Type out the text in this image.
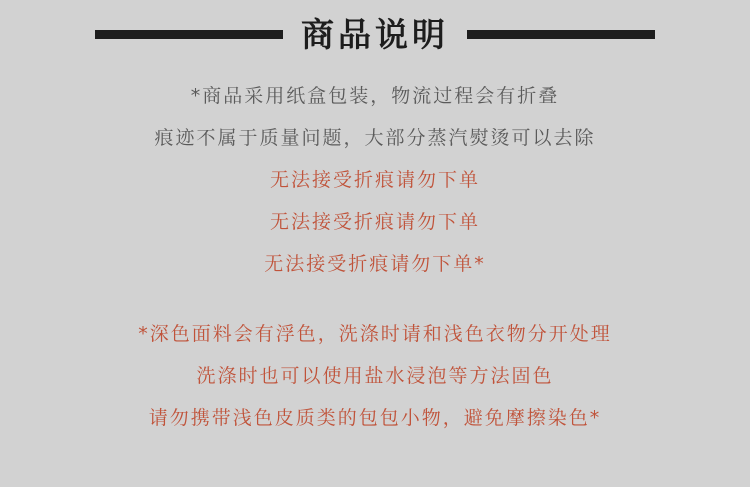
商品说明
*商品采用纸盒包装，物流过程会有折叠
痕迹不属于质量问题，大部分蒸汽熨烫可以去除
无法接受折痕请勿下单
无法接受折痕请勿下单
无法接受折痕请勿下单*
*深色面料会有浮色，洗涤时请和浅色衣物分开处理
洗涤时也可以使用盐水浸泡等方法固色
请勿携带浅色皮质类的包包小物，避免摩擦染色*
